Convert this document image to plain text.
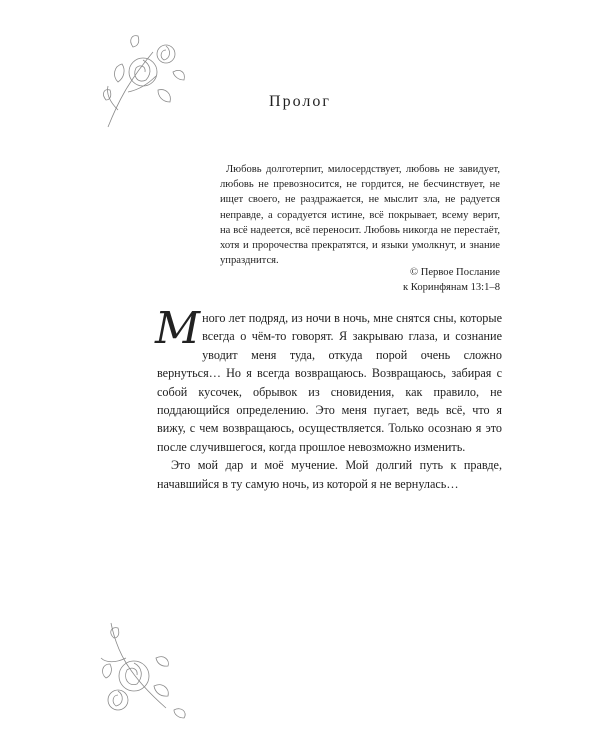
Пролог

Любовь долготерпит, милосердствует, любовь не завидует, любовь не превозносится, не гордится, не бесчинствует, не ищет своего, не раздражается, не мыслит зла, не радуется неправде, а сорадуется истине, всё покрывает, всему верит, на всё надеется, всё переносит. Любовь никогда не перестаёт, хотя и пророчества прекратятся, и языки умолкнут, и знание упразднится.

© Первое Послание
к Коринфянам 13:1–8

Много лет подряд, из ночи в ночь, мне снятся сны, которые всегда о чём-то говорят. Я закрываю глаза, и сознание уводит меня туда, откуда порой очень сложно вернуться… Но я всегда возвращаюсь. Возвращаюсь, забирая с собой кусочек, обрывок из сновидения, как правило, не поддающийся определению. Это меня пугает, ведь всё, что я вижу, с чем возвращаюсь, осуществляется. Только осознаю я это после случившегося, когда прошлое невозможно изменить.

Это мой дар и моё мучение. Мой долгий путь к правде, начавшийся в ту самую ночь, из которой я не вернулась…
